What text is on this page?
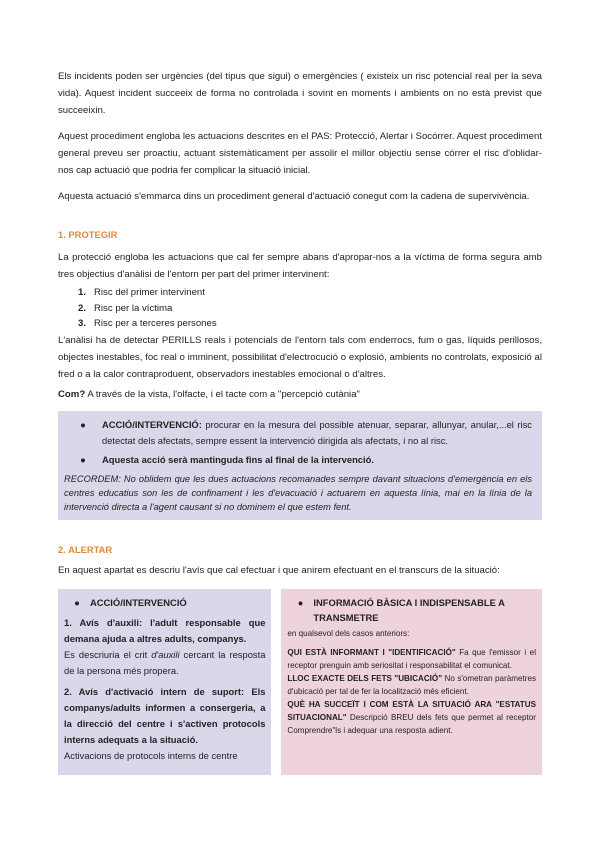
Els incidents poden ser urgències (del tipus que sigui) o emergències ( existeix un risc potencial real per la seva vida). Aquest incident succeeix de forma no controlada i sovint en moments i ambients on no està previst que succeeixin.

Aquest procediment engloba les actuacions descrites en el PAS: Protecció, Alertar i Socórrer. Aquest procediment general preveu ser proactiu, actuant sistemàticament per assolir el millor objectiu sense córrer el risc d'oblidar-nos cap actuació que podria fer complicar la situació inicial.

Aquesta actuació s'emmarca dins un procediment general d'actuació conegut com la cadena de supervivència.

1. PROTEGIR

La protecció engloba les actuacions que cal fer sempre abans d'apropar-nos a la víctima de forma segura amb tres objectius d'anàlisi de l'entorn per part del primer intervinent:

1. Risc del primer intervinent
2. Risc per la víctima
3. Risc per a terceres persones

L'anàlisi ha de detectar PERILLS reals i potencials de l'entorn tals com enderrocs, fum o gas, líquids perillosos, objectes inestables, foc real o imminent, possibilitat d'electrocució o explosió, ambients no controlats, exposició al fred o a la calor contraproduent, observadors inestables emocional o d'altres.

Com? A través de la vista, l'olfacte, i el tacte com a "percepció cutània"

●	ACCIÓ/INTERVENCIÓ: procurar en la mesura del possible atenuar, separar, allunyar, anular,...el risc detectat dels afectats, sempre essent la intervenció dirigida als afectats, i no al risc.
●	Aquesta acció serà mantinguda fins al final de la intervenció.
RECORDEM: No oblidem que les dues actuacions recomanades sempre davant situacions d'emergència en els centres educatius son les de confinament i les d'evacuació i actuarem en aquesta línia, mai en la línia de la intervenció directa a l'agent causant si no dominem el que estem fent.
2. ALERTAR

En aquest apartat es descriu l'avís que cal efectuar i que anirem efectuant en el transcurs de la situació:

●	ACCIÓ/INTERVENCIÓ
1. Avís d'auxili: l'adult responsable que demana ajuda a altres adults, companys.
Es descriuria el crit d'auxili cercant la resposta de la persona més propera.
2. Avís d'activació intern de suport: Els companys/adults informen a consergeria, a la direcció del centre i s'activen protocols interns adequats a la situació.
Activacions de protocols interns de centre
●	INFORMACIÓ BÀSICA I INDISPENSABLE A TRANSMETRE
en qualsevol dels casos anteriors:
QUI ESTÀ INFORMANT I "IDENTIFICACIÓ" Fa que l'emissor i el receptor prenguin amb seriositat i responsabilitat el comunicat.
LLOC EXACTE DELS FETS "UBICACIÓ" No s'ometran paràmetres d'ubicació per tal de fer la localització més eficient.
QUÈ HA SUCCEÏT I COM ESTÀ LA SITUACIÓ ARA "ESTATUS SITUACIONAL" Descripció BREU dels fets que permet al receptor Comprendre"ls i adequar una resposta adient.
